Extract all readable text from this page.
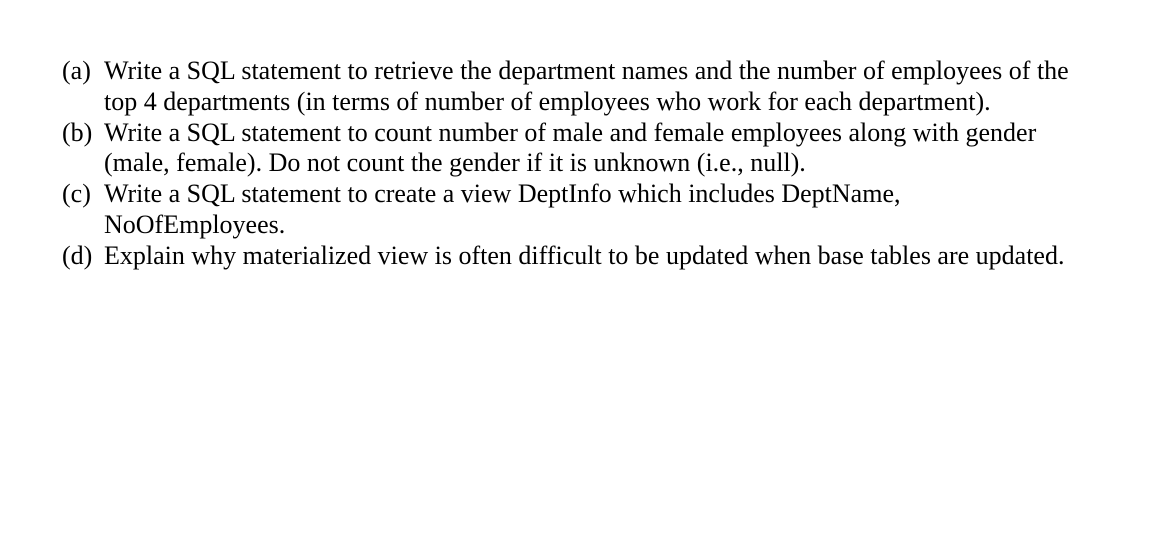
(a) Write a SQL statement to retrieve the department names and the number of employees of the
top 4 departments (in terms of number of employees who work for each department).
(b) Write a SQL statement to count number of male and female employees along with gender
(male, female). Do not count the gender if it is unknown (i.e., null).
(c) Write a SQL statement to create a view DeptInfo which includes DeptName,
NoOfEmployees.
(d) Explain why materialized view is often difficult to be updated when base tables are updated.
